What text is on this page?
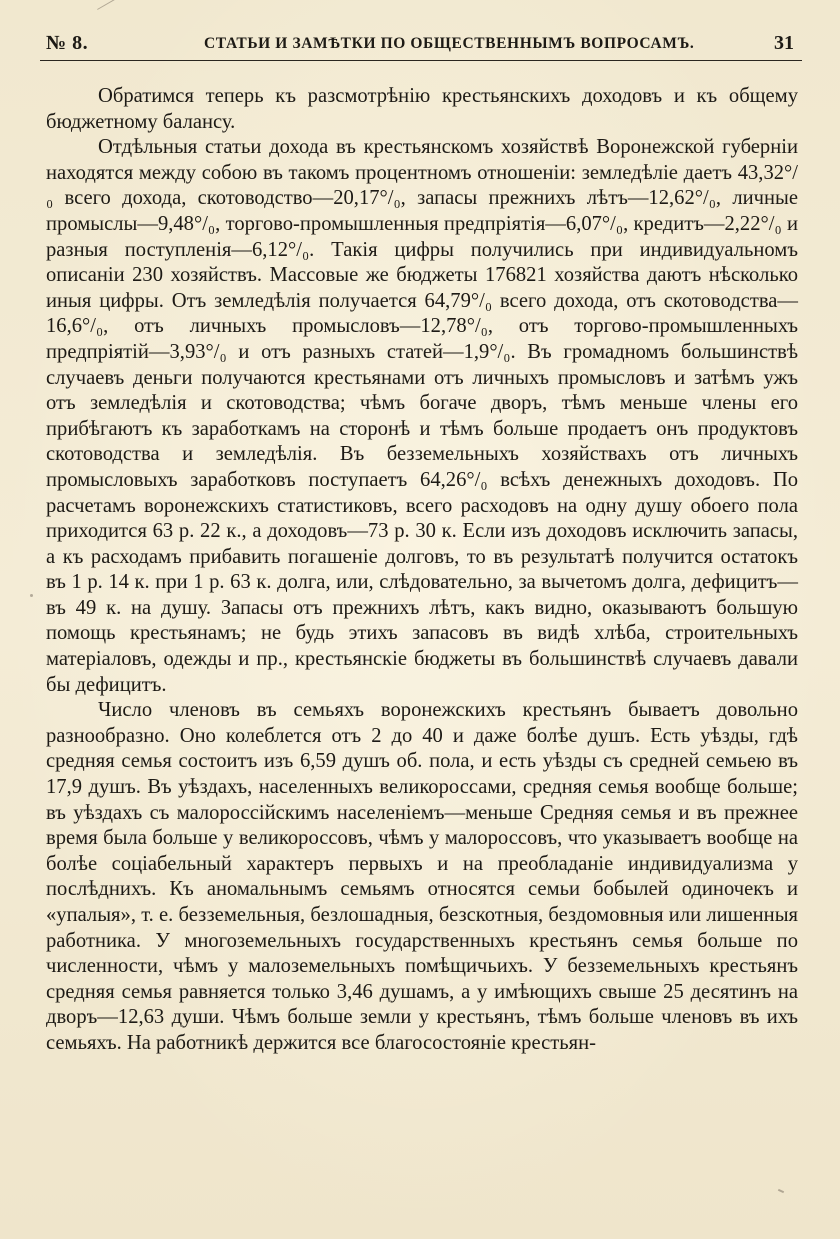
№ 8.	СТАТЬИ И ЗАМѢТКИ ПО ОБЩЕСТВЕННЫМЪ ВОПРОСАМЪ.	31

Обратимся теперь къ разсмотрѣнію крестьянскихъ доходовъ и къ общему бюджетному балансу.

Отдѣльныя статьи дохода въ крестьянскомъ хозяйствѣ Воронежской губерніи находятся между собою въ такомъ процентномъ отношеніи: земледѣліе даетъ 43,32°/₀ всего дохода, скотоводство—20,17°/₀, запасы прежнихъ лѣтъ—12,62°/₀, личные промыслы—9,48°/₀, торгово-промышленныя предпріятія—6,07°/₀, кредитъ—2,22°/₀ и разныя поступленія—6,12°/₀. Такія цифры получились при индивидуальномъ описаніи 230 хозяйствъ. Массовые же бюджеты 176821 хозяйства даютъ нѣсколько иныя цифры. Отъ земледѣлія получается 64,79°/₀ всего дохода, отъ скотоводства—16,6°/₀, отъ личныхъ промысловъ—12,78°/₀, отъ торгово-промышленныхъ предпріятій—3,93°/₀ и отъ разныхъ статей—1,9°/₀. Въ громадномъ большинствѣ случаевъ деньги получаются крестьянами отъ личныхъ промысловъ и затѣмъ ужъ отъ земледѣлія и скотоводства; чѣмъ богаче дворъ, тѣмъ меньше члены его прибѣгаютъ къ заработкамъ на сторонѣ и тѣмъ больше продаетъ онъ продуктовъ скотоводства и земледѣлія. Въ безземельныхъ хозяйствахъ отъ личныхъ промысловыхъ заработковъ поступаетъ 64,26°/₀ всѣхъ денежныхъ доходовъ. По расчетамъ воронежскихъ статистиковъ, всего расходовъ на одну душу обоего пола приходится 63 р. 22 к., а доходовъ—73 р. 30 к. Если изъ доходовъ исключить запасы, а къ расходамъ прибавить погашеніе долговъ, то въ результатѣ получится остатокъ въ 1 р. 14 к. при 1 р. 63 к. долга, или, слѣдовательно, за вычетомъ долга, дефицитъ—въ 49 к. на душу. Запасы отъ прежнихъ лѣтъ, какъ видно, оказываютъ большую помощь крестьянамъ; не будь этихъ запасовъ въ видѣ хлѣба, строительныхъ матеріаловъ, одежды и пр., крестьянскіе бюджеты въ большинствѣ случаевъ давали бы дефицитъ.

Число членовъ въ семьяхъ воронежскихъ крестьянъ бываетъ довольно разнообразно. Оно колеблется отъ 2 до 40 и даже болѣе душъ. Есть уѣзды, гдѣ средняя семья состоитъ изъ 6,59 душъ об. пола, и есть уѣзды съ средней семьею въ 17,9 душъ. Въ уѣздахъ, населенныхъ великороссами, средняя семья вообще больше; въ уѣздахъ съ малороссійскимъ населеніемъ—меньше Средняя семья и въ прежнее время была больше у великороссовъ, чѣмъ у малороссовъ, что указываетъ вообще на болѣе соціабельный характеръ первыхъ и на преобладаніе индивидуализма у послѣднихъ. Къ аномальнымъ семьямъ относятся семьи бобылей одиночекъ и «упалыя», т. е. безземельныя, безлошадныя, безскотныя, бездомовныя или лишенныя работника. У многоземельныхъ государственныхъ крестьянъ семья больше по численности, чѣмъ у малоземельныхъ помѣщичьихъ. У безземельныхъ крестьянъ средняя семья равняется только 3,46 душамъ, а у имѣющихъ свыше 25 десятинъ на дворъ—12,63 души. Чѣмъ больше земли у крестьянъ, тѣмъ больше членовъ въ ихъ семьяхъ. На работникѣ держится все благосостояніе крестьян-
